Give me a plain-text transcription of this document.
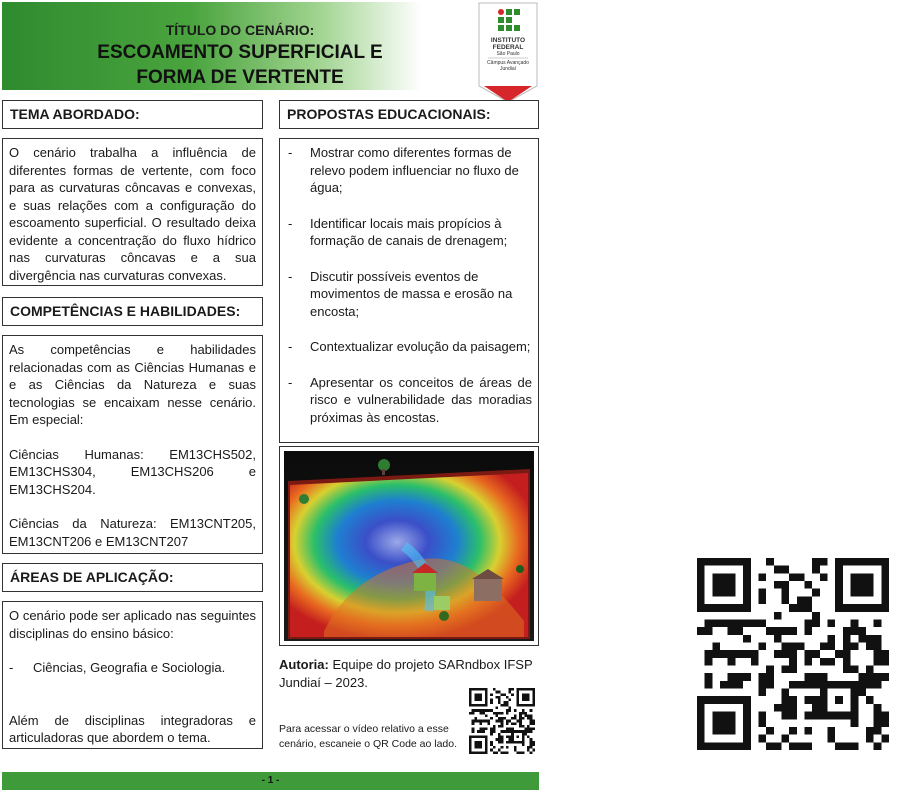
TÍTULO DO CENÁRIO:
ESCOAMENTO SUPERFICIAL E
FORMA DE VERTENTE
INSTITUTO
FEDERAL
São Paulo
Câmpus Avançado
Jundiaí
TEMA ABORDADO:
O cenário trabalha a influência de diferentes formas de vertente, com foco para as curvaturas côncavas e convexas, e suas relações com a configuração do escoamento superficial. O resultado deixa evidente a concentração do fluxo hídrico nas curvaturas côncavas e a sua divergência nas curvaturas convexas.
COMPETÊNCIAS E HABILIDADES:
As competências e habilidades relacionadas com as Ciências Humanas e e as Ciências da Natureza e suas tecnologias se encaixam nesse cenário. Em especial:
Ciências Humanas: EM13CHS502, EM13CHS304, EM13CHS206 e EM13CHS204.
Ciências da Natureza: EM13CNT205, EM13CNT206 e EM13CNT207
ÁREAS DE APLICAÇÃO:
O cenário pode ser aplicado nas seguintes disciplinas do ensino básico:
- Ciências, Geografia e Sociologia.
Além de disciplinas integradoras e articuladoras que abordem o tema.
PROPOSTAS EDUCACIONAIS:
- Mostrar como diferentes formas de relevo podem influenciar no fluxo de água;
- Identificar locais mais propícios à formação de canais de drenagem;
- Discutir possíveis eventos de movimentos de massa e erosão na encosta;
- Contextualizar evolução da paisagem;
- Apresentar os conceitos de áreas de risco e vulnerabilidade das moradias próximas às encostas.
Autoria: Equipe do projeto SARndbox IFSP Jundiaí – 2023.
Para acessar o vídeo relativo a esse cenário, escaneie o QR Code ao lado.
- 1 -
